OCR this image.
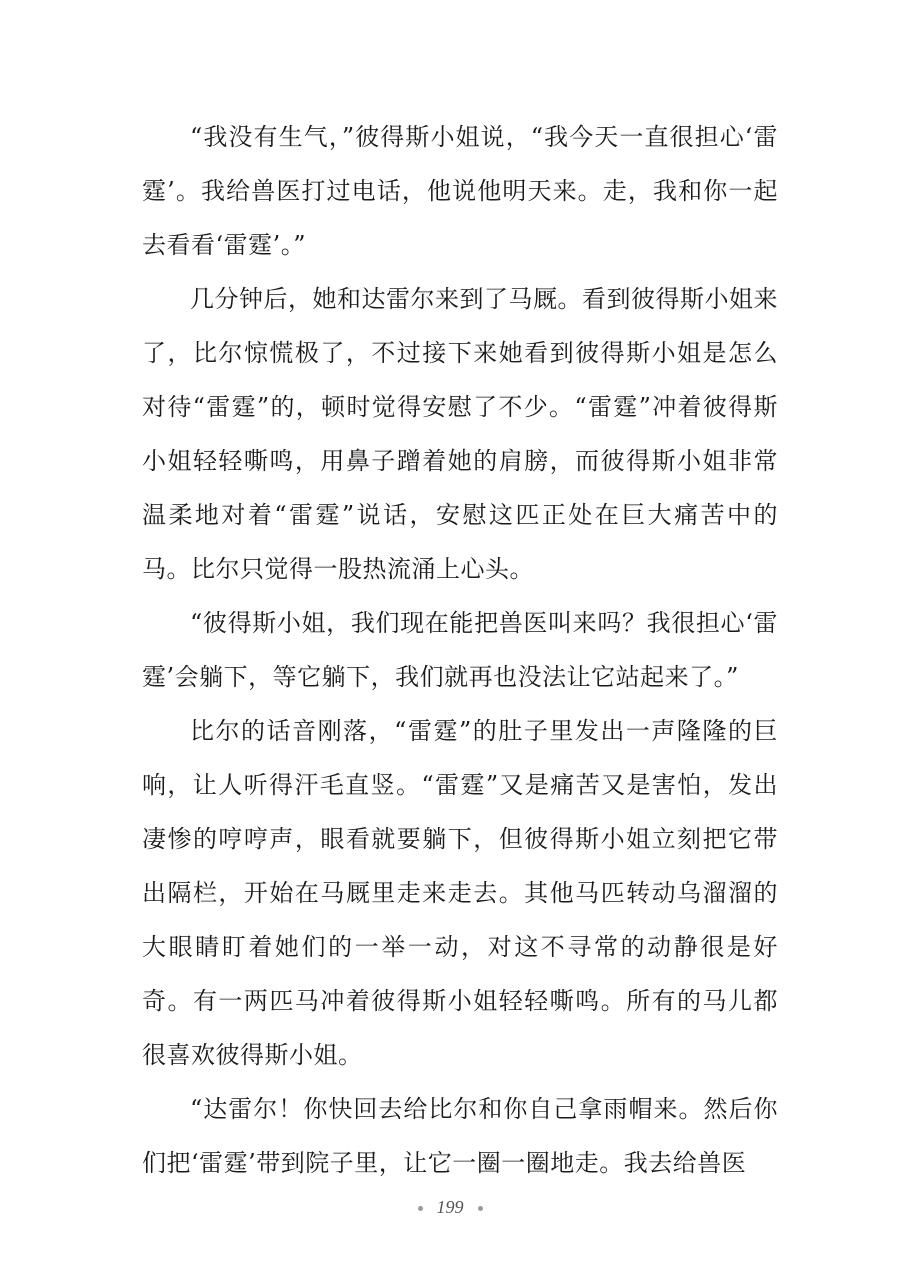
“我没有生气，”彼得斯小姐说，“我今天一直很担心‘雷霆’。我给兽医打过电话，他说他明天来。走，我和你一起去看看‘雷霆’。”

几分钟后，她和达雷尔来到了马厩。看到彼得斯小姐来了，比尔惊慌极了，不过接下来她看到彼得斯小姐是怎么对待“雷霆”的，顿时觉得安慰了不少。“雷霆”冲着彼得斯小姐轻轻嘶鸣，用鼻子蹭着她的肩膀，而彼得斯小姐非常温柔地对着“雷霆”说话，安慰这匹正处在巨大痛苦中的马。比尔只觉得一股热流涌上心头。

“彼得斯小姐，我们现在能把兽医叫来吗？我很担心‘雷霆’会躺下，等它躺下，我们就再也没法让它站起来了。”

比尔的话音刚落，“雷霆”的肚子里发出一声隆隆的巨响，让人听得汗毛直竖。“雷霆”又是痛苦又是害怕，发出凄惨的哼哼声，眼看就要躺下，但彼得斯小姐立刻把它带出隔栏，开始在马厩里走来走去。其他马匹转动乌溜溜的大眼睛盯着她们的一举一动，对这不寻常的动静很是好奇。有一两匹马冲着彼得斯小姐轻轻嘶鸣。所有的马儿都很喜欢彼得斯小姐。

“达雷尔！你快回去给比尔和你自己拿雨帽来。然后你们把‘雷霆’带到院子里，让它一圈一圈地走。我去给兽医

199
